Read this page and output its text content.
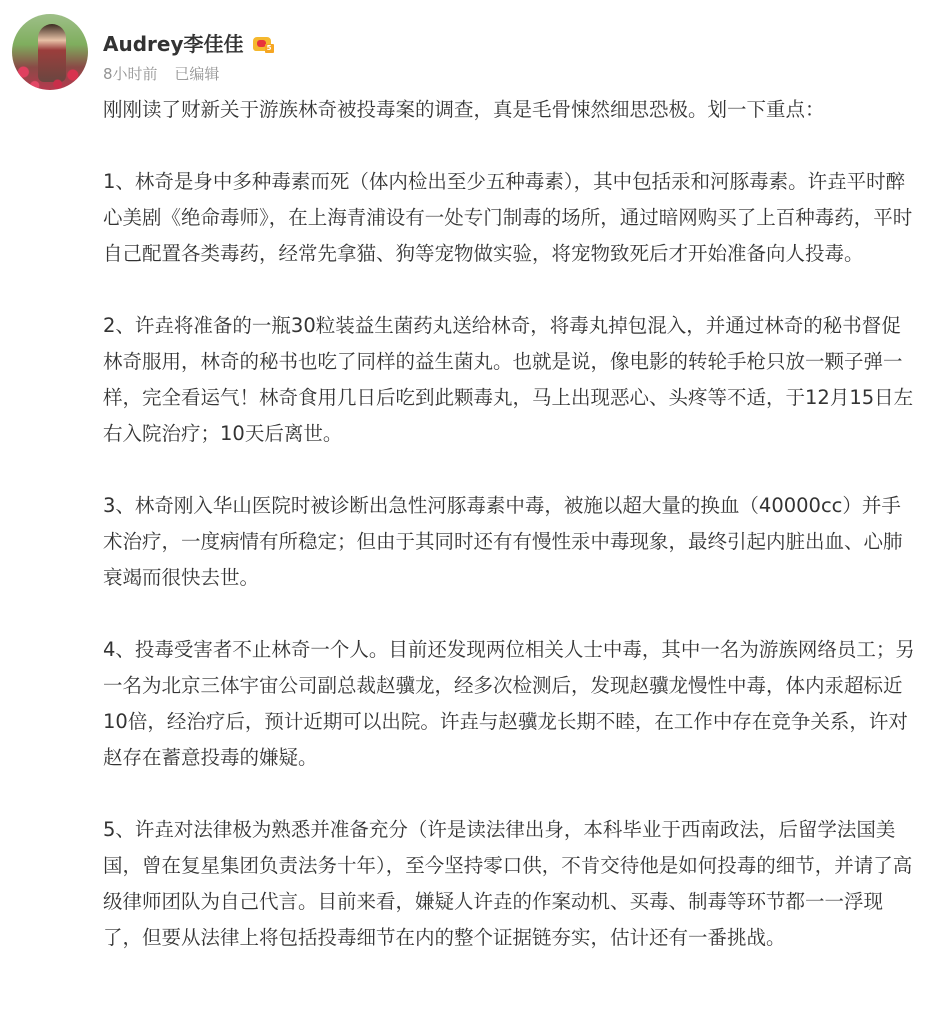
Audrey李佳佳	5
8小时前 已编辑

刚刚读了财新关于游族林奇被投毒案的调查，真是毛骨悚然细思恐极。划一下重点：

1、林奇是身中多种毒素而死（体内检出至少五种毒素），其中包括汞和河豚毒素。许垚平时醉心美剧《绝命毒师》，在上海青浦设有一处专门制毒的场所，通过暗网购买了上百种毒药，平时自己配置各类毒药，经常先拿猫、狗等宠物做实验，将宠物致死后才开始准备向人投毒。

2、许垚将准备的一瓶30粒装益生菌药丸送给林奇，将毒丸掉包混入，并通过林奇的秘书督促林奇服用，林奇的秘书也吃了同样的益生菌丸。也就是说，像电影的转轮手枪只放一颗子弹一样，完全看运气！林奇食用几日后吃到此颗毒丸，马上出现恶心、头疼等不适，于12月15日左右入院治疗；10天后离世。

3、林奇刚入华山医院时被诊断出急性河豚毒素中毒，被施以超大量的换血（40000cc）并手术治疗，一度病情有所稳定；但由于其同时还有有慢性汞中毒现象，最终引起内脏出血、心肺衰竭而很快去世。

4、投毒受害者不止林奇一个人。目前还发现两位相关人士中毒，其中一名为游族网络员工；另一名为北京三体宇宙公司副总裁赵骥龙，经多次检测后，发现赵骥龙慢性中毒，体内汞超标近10倍，经治疗后，预计近期可以出院。许垚与赵骥龙长期不睦，在工作中存在竞争关系，许对赵存在蓄意投毒的嫌疑。

5、许垚对法律极为熟悉并准备充分（许是读法律出身，本科毕业于西南政法，后留学法国美国，曾在复星集团负责法务十年），至今坚持零口供，不肯交待他是如何投毒的细节，并请了高级律师团队为自己代言。目前来看，嫌疑人许垚的作案动机、买毒、制毒等环节都一一浮现了，但要从法律上将包括投毒细节在内的整个证据链夯实，估计还有一番挑战。
